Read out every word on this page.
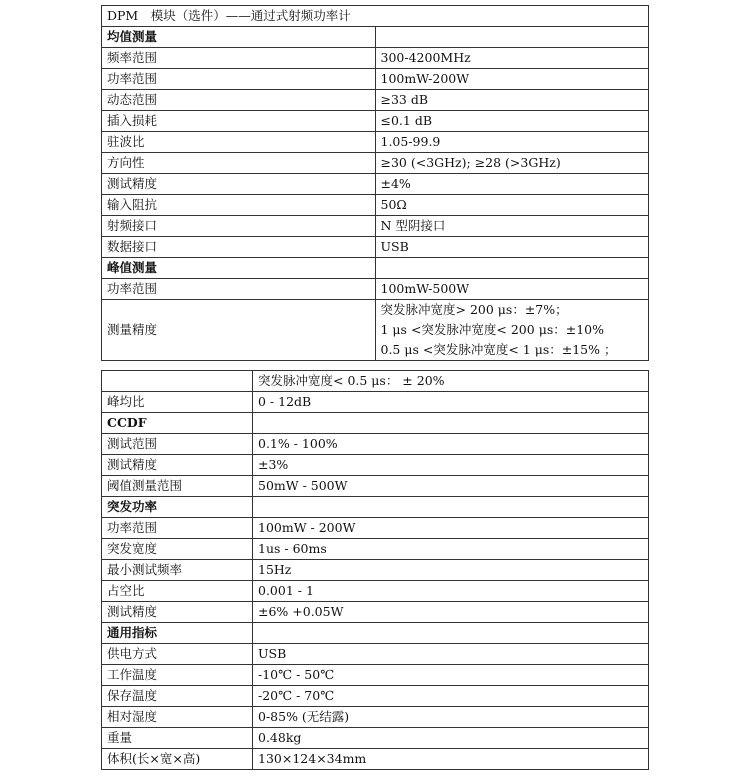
DPM　模块（选件）——通过式射频功率计	
均值测量	
频率范围	300-4200MHz
功率范围	100mW-200W
动态范围	≥33 dB
插入损耗	≤0.1 dB
驻波比	1.05-99.9
方向性	≥30 (<3GHz); ≥28 (>3GHz)
测试精度	±4%
输入阻抗	50Ω
射频接口	N 型阴接口
数据接口	USB
峰值测量	
功率范围	100mW-500W
测量精度	突发脉冲宽度> 200 μs：±7%；
1 μs <突发脉冲宽度< 200 μs：±10%
0.5 μs <突发脉冲宽度< 1 μs：±15% ；
	突发脉冲宽度< 0.5 μs： ± 20%
峰均比	0 - 12dB
CCDF	
测试范围	0.1% - 100%
测试精度	±3%
阈值测量范围	50mW - 500W
突发功率	
功率范围	100mW - 200W
突发宽度	1us - 60ms
最小测试频率	15Hz
占空比	0.001 - 1
测试精度	±6% +0.05W
通用指标	
供电方式	USB
工作温度	-10℃ - 50℃
保存温度	-20℃ - 70℃
相对湿度	0-85% (无结露)
重量	0.48kg
体积(长×宽×高)	130×124×34mm
